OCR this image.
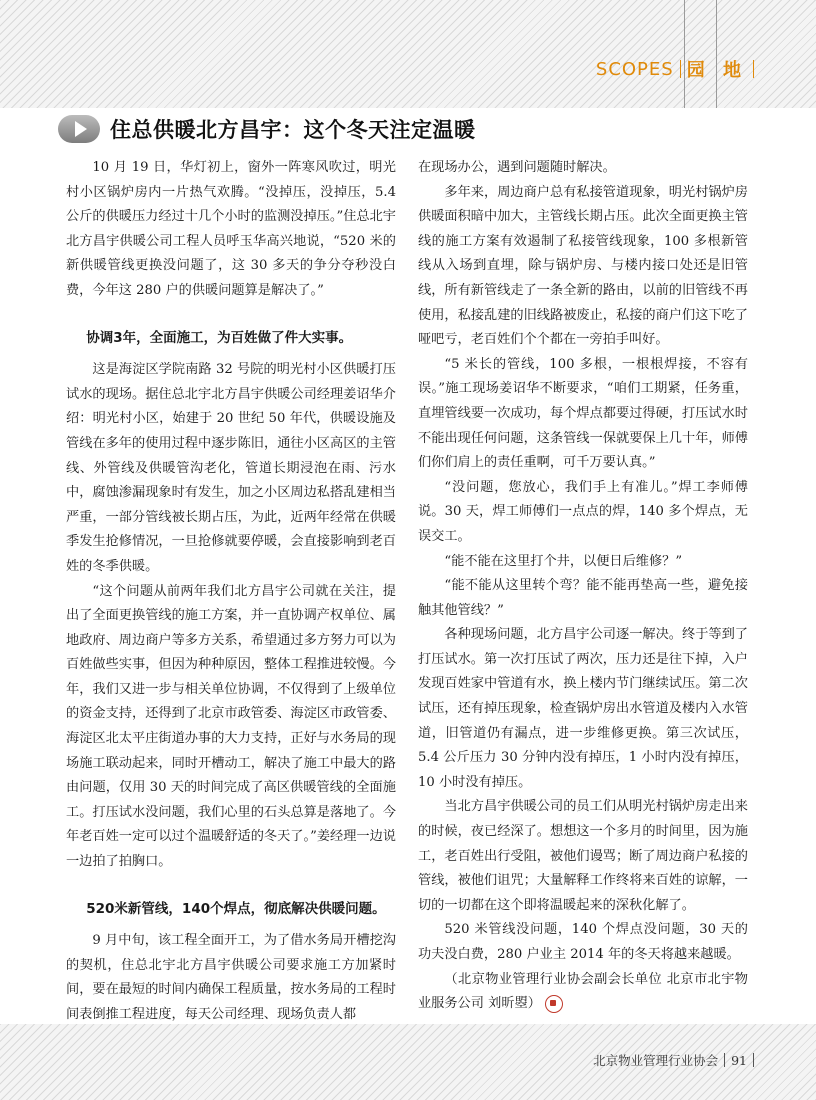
SCOPES 园 地
住总供暖北方昌宇：这个冬天注定温暖

10 月 19 日，华灯初上，窗外一阵寒风吹过，明光村小区锅炉房内一片热气欢腾。“没掉压，没掉压，5.4 公斤的供暖压力经过十几个小时的监测没掉压。”住总北宇北方昌宇供暖公司工程人员呼玉华高兴地说，“520 米的新供暖管线更换没问题了，这 30 多天的争分夺秒没白费，今年这 280 户的供暖问题算是解决了。”

协调3年，全面施工，为百姓做了件大实事。

这是海淀区学院南路 32 号院的明光村小区供暖打压试水的现场。据住总北宇北方昌宇供暖公司经理姜诏华介绍：明光村小区，始建于 20 世纪 50 年代，供暖设施及管线在多年的使用过程中逐步陈旧，通往小区高区的主管线、外管线及供暖管沟老化，管道长期浸泡在雨、污水中，腐蚀渗漏现象时有发生，加之小区周边私搭乱建相当严重，一部分管线被长期占压，为此，近两年经常在供暖季发生抢修情况，一旦抢修就要停暖，会直接影响到老百姓的冬季供暖。

“这个问题从前两年我们北方昌宇公司就在关注，提出了全面更换管线的施工方案，并一直协调产权单位、属地政府、周边商户等多方关系，希望通过多方努力可以为百姓做些实事，但因为种种原因，整体工程推进较慢。今年，我们又进一步与相关单位协调，不仅得到了上级单位的资金支持，还得到了北京市政管委、海淀区市政管委、海淀区北太平庄街道办事的大力支持，正好与水务局的现场施工联动起来，同时开槽动工，解决了施工中最大的路由问题，仅用 30 天的时间完成了高区供暖管线的全面施工。打压试水没问题，我们心里的石头总算是落地了。今年老百姓一定可以过个温暖舒适的冬天了。”姜经理一边说一边拍了拍胸口。

520米新管线，140个焊点，彻底解决供暖问题。

9 月中旬，该工程全面开工，为了借水务局开槽挖沟的契机，住总北宇北方昌宇供暖公司要求施工方加紧时间，要在最短的时间内确保工程质量，按水务局的工程时间表倒推工程进度，每天公司经理、现场负责人都

在现场办公，遇到问题随时解决。

多年来，周边商户总有私接管道现象，明光村锅炉房供暖面积暗中加大，主管线长期占压。此次全面更换主管线的施工方案有效遏制了私接管线现象，100 多根新管线从入场到直埋，除与锅炉房、与楼内接口处还是旧管线，所有新管线走了一条全新的路由，以前的旧管线不再使用，私接乱建的旧线路被废止，私接的商户们这下吃了哑吧亏，老百姓们个个都在一旁拍手叫好。

“5 米长的管线，100 多根，一根根焊接，不容有误。”施工现场姜诏华不断要求，“咱们工期紧，任务重，直埋管线要一次成功，每个焊点都要过得硬，打压试水时不能出现任何问题，这条管线一保就要保上几十年，师傅们你们肩上的责任重啊，可千万要认真。”

“没问题，您放心，我们手上有准儿。”焊工李师傅说。30 天，焊工师傅们一点点的焊，140 多个焊点，无误交工。

“能不能在这里打个井，以便日后维修？”

“能不能从这里转个弯？能不能再垫高一些，避免接触其他管线？”

各种现场问题，北方昌宇公司逐一解决。终于等到了打压试水。第一次打压试了两次，压力还是往下掉，入户发现百姓家中管道有水，换上楼内节门继续试压。第二次试压，还有掉压现象，检查锅炉房出水管道及楼内入水管道，旧管道仍有漏点，进一步维修更换。第三次试压，5.4 公斤压力 30 分钟内没有掉压，1 小时内没有掉压，10 小时没有掉压。

当北方昌宇供暖公司的员工们从明光村锅炉房走出来的时候，夜已经深了。想想这一个多月的时间里，因为施工，老百姓出行受阻，被他们谩骂；断了周边商户私接的管线，被他们诅咒；大量解释工作终将来百姓的谅解，一切的一切都在这个即将温暖起来的深秋化解了。

520 米管线没问题，140 个焊点没问题，30 天的功夫没白费，280 户业主 2014 年的冬天将越来越暖。

（北京物业管理行业协会副会长单位 北京市北宇物业服务公司 刘昕曌）

北京物业管理行业协会 91
